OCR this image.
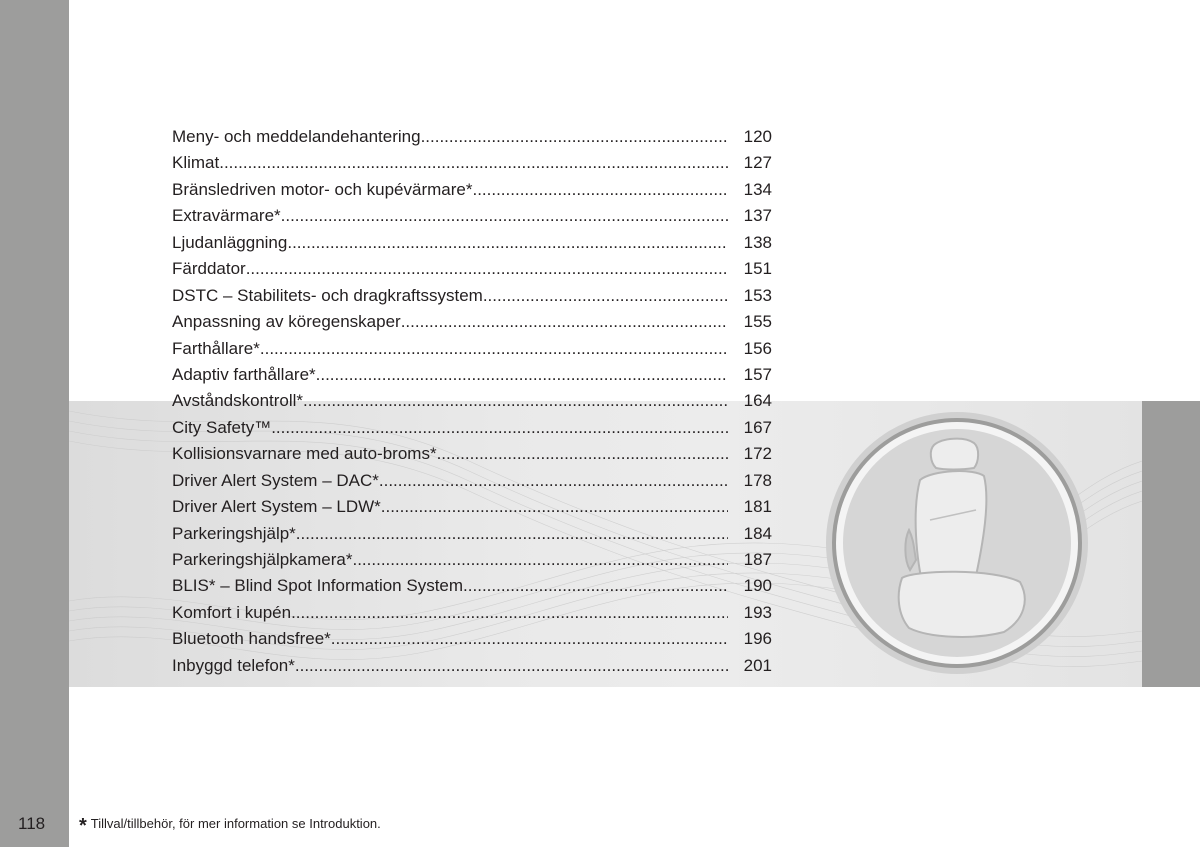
Meny- och meddelandehantering .....	120
Klimat .....	127
Bränsledriven motor- och kupévärmare* .....	134
Extravärmare* .....	137
Ljudanläggning .....	138
Färddator .....	151
DSTC – Stabilitets- och dragkraftssystem .....	153
Anpassning av köregenskaper .....	155
Farthållare* .....	156
Adaptiv farthållare* .....	157
Avståndskontroll* .....	164
City Safety™ .....	167
Kollisionsvarnare med auto-broms* .....	172
Driver Alert System – DAC* .....	178
Driver Alert System – LDW* .....	181
Parkeringshjälp* .....	184
Parkeringshjälpkamera* .....	187
BLIS* – Blind Spot Information System .....	190
Komfort i kupén .....	193
Bluetooth handsfree* .....	196
Inbyggd telefon* .....	201
118 * Tillval/tillbehör, för mer information se Introduktion.
